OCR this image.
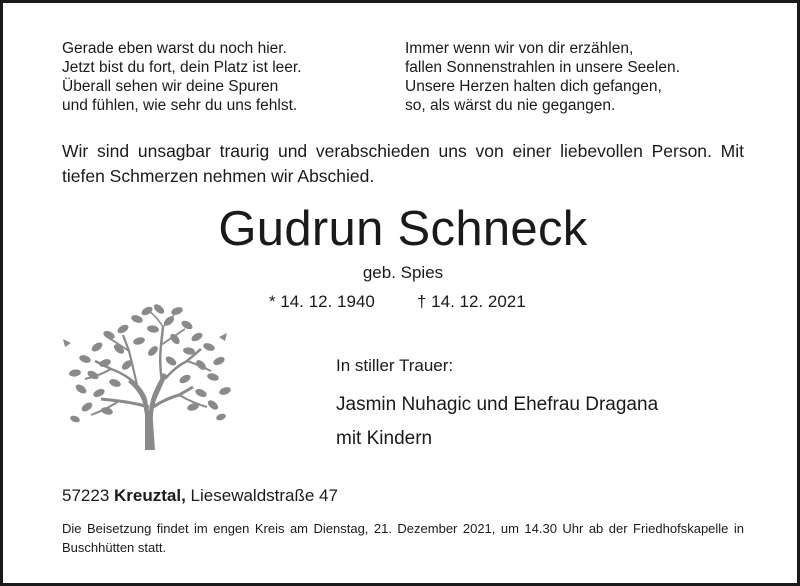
Gerade eben warst du noch hier.
Jetzt bist du fort, dein Platz ist leer.
Überall sehen wir deine Spuren
und fühlen, wie sehr du uns fehlst.
Immer wenn wir von dir erzählen,
fallen Sonnenstrahlen in unsere Seelen.
Unsere Herzen halten dich gefangen,
so, als wärst du nie gegangen.
Wir sind unsagbar traurig und verabschieden uns von einer liebevollen Person. Mit tiefen Schmerzen nehmen wir Abschied.
Gudrun Schneck
geb. Spies
* 14. 12. 1940 † 14. 12. 2021
In stiller Trauer:
Jasmin Nuhagic und Ehefrau Dragana
mit Kindern
57223 Kreuztal, Liesewaldstraße 47
Die Beisetzung findet im engen Kreis am Dienstag, 21. Dezember 2021, um 14.30 Uhr ab der Friedhofskapelle in Buschhütten statt.
